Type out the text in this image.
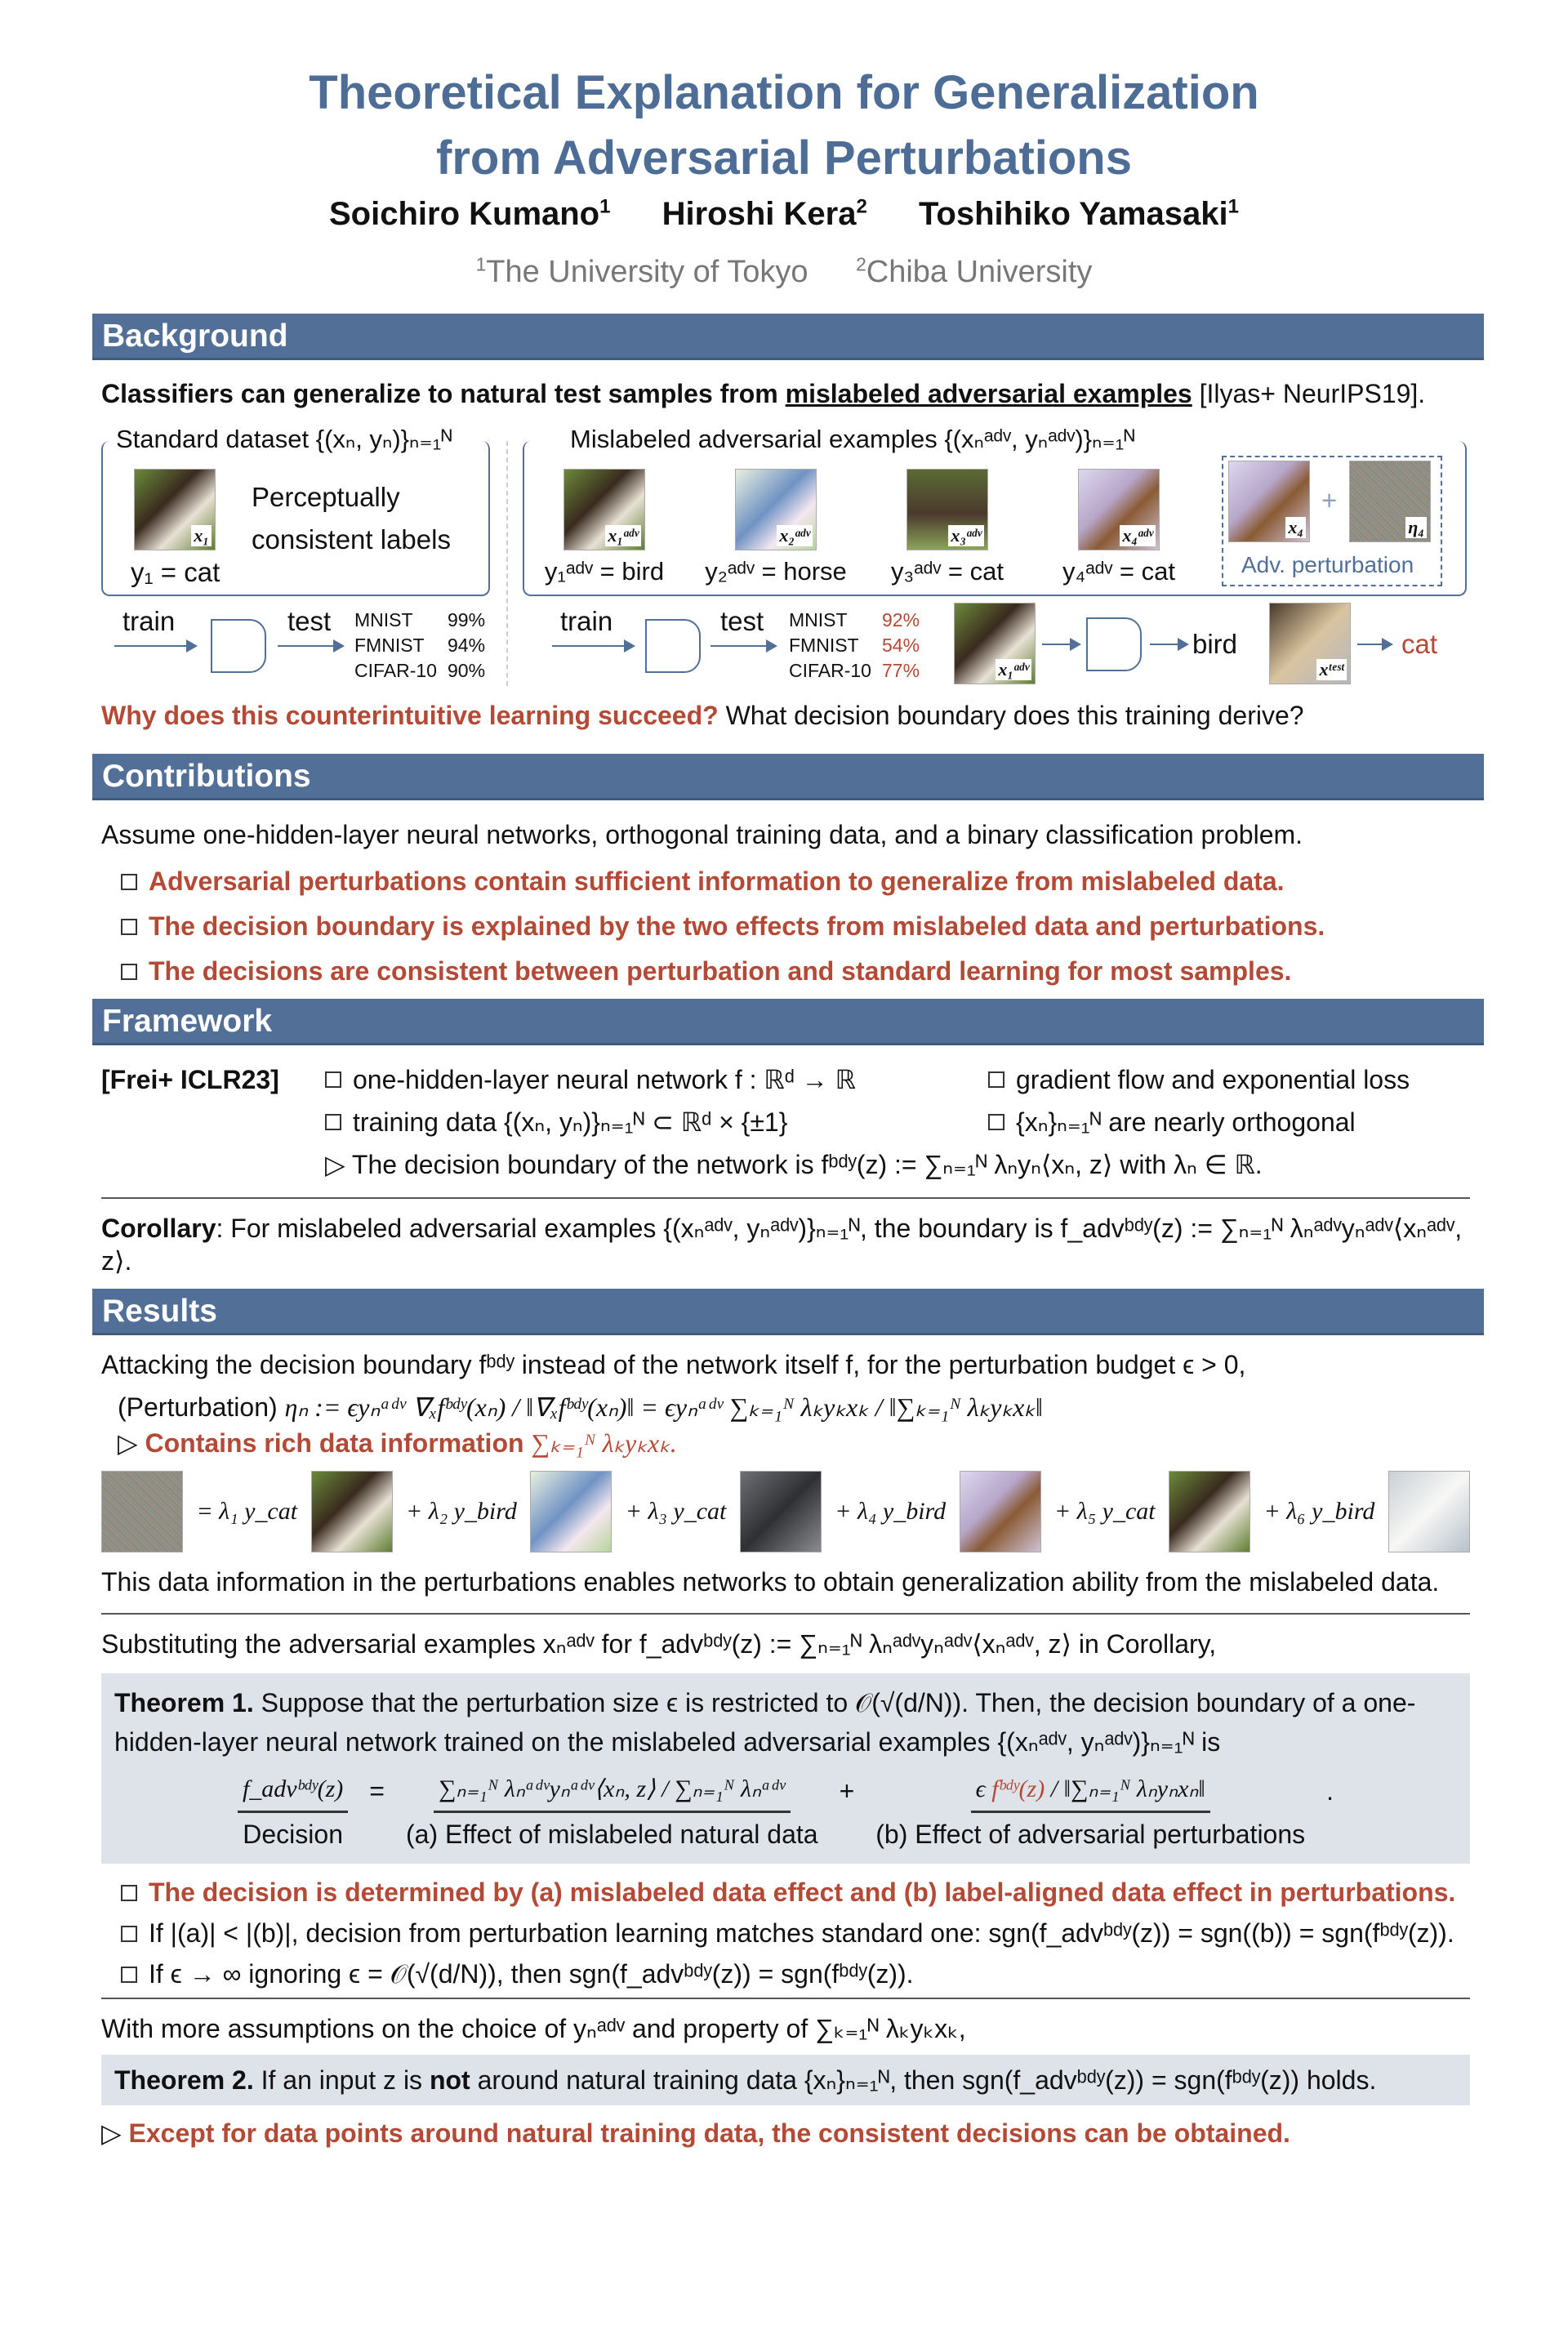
Theoretical Explanation for Generalization
from Adversarial Perturbations
Soichiro Kumano$^1$ Hiroshi Kera$^2$ Toshihiko Yamasaki$^1$
$^1$The University of Tokyo	$^2$Chiba University
Background
Classifiers can generalize to natural test samples from mislabeled adversarial examples [Ilyas+ NeurIPS19].
Standard dataset {(xₙ, yₙ)}ₙ₌₁ᴺ
x₁
Perceptually
consistent labels
y₁ = cat
Mislabeled adversarial examples {(xₙᵃᵈᵛ, yₙᵃᵈᵛ)}ₙ₌₁ᴺ
x₁ᵃᵈᵛ	x₂ᵃᵈᵛ	x₃ᵃᵈᵛ	x₄ᵃᵈᵛ
y₁ᵃᵈᵛ = bird	y₂ᵃᵈᵛ = horse	y₃ᵃᵈᵛ = cat	y₄ᵃᵈᵛ = cat
x₄
+
η₄
Adv. perturbation
train	test MNIST 99%
FMNIST 94%
CIFAR-10 90%
train	test MNIST 92%
FMNIST 54%
CIFAR-10 77%	x₁ᵃᵈᵛ
bird
xᵗᵉˢᵗ
cat
Why does this counterintuitive learning succeed? What decision boundary does this training derive?
Contributions
Assume one-hidden-layer neural networks, orthogonal training data, and a binary classification problem.
Adversarial perturbations contain sufficient information to generalize from mislabeled data.
The decision boundary is explained by the two effects from mislabeled data and perturbations.
The decisions are consistent between perturbation and standard learning for most samples.
Framework
[Frei+ ICLR23]	one-hidden-layer neural network f : ℝᵈ → ℝ	gradient flow and exponential loss
training data {(xₙ, yₙ)}ₙ₌₁ᴺ ⊂ ℝᵈ × {±1}	{xₙ}ₙ₌₁ᴺ are nearly orthogonal
▷ The decision boundary of the network is fᵇᵈʸ(z) := ∑ₙ₌₁ᴺ λₙyₙ⟨xₙ, z⟩ with λₙ ∈ ℝ.
Corollary: For mislabeled adversarial examples {(xₙᵃᵈᵛ, yₙᵃᵈᵛ)}ₙ₌₁ᴺ, the boundary is f_advᵇᵈʸ(z) := ∑ₙ₌₁ᴺ λₙᵃᵈᵛyₙᵃᵈᵛ⟨xₙᵃᵈᵛ, z⟩.
Results
Attacking the decision boundary fᵇᵈʸ instead of the network itself f, for the perturbation budget ϵ > 0,
(Perturbation) ηₙ := ϵyₙᵃᵈᵛ ∇ₓfᵇᵈʸ(xₙ) / ‖∇ₓfᵇᵈʸ(xₙ)‖ = ϵyₙᵃᵈᵛ ∑ₖ₌₁ᴺ λₖyₖxₖ / ‖∑ₖ₌₁ᴺ λₖyₖxₖ‖
▷ Contains rich data information ∑ₖ₌₁ᴺ λₖyₖxₖ.
= λ₁ y_cat	+ λ₂ y_bird	+ λ₃ y_cat	+ λ₄ y_bird	+ λ₅ y_cat	+ λ₆ y_bird
This data information in the perturbations enables networks to obtain generalization ability from the mislabeled data.
Substituting the adversarial examples xₙᵃᵈᵛ for f_advᵇᵈʸ(z) := ∑ₙ₌₁ᴺ λₙᵃᵈᵛyₙᵃᵈᵛ⟨xₙᵃᵈᵛ, z⟩ in Corollary,
Theorem 1. Suppose that the perturbation size ϵ is restricted to 𝒪(√(d/N)). Then, the decision boundary of a one-hidden-layer neural network trained on the mislabeled adversarial examples {(xₙᵃᵈᵛ, yₙᵃᵈᵛ)}ₙ₌₁ᴺ is
f_advᵇᵈʸ(z)
Decision
= ∑ₙ₌₁ᴺ λₙᵃᵈᵛyₙᵃᵈᵛ⟨xₙ, z⟩ / ∑ₙ₌₁ᴺ λₙᵃᵈᵛ
(a) Effect of mislabeled natural data
+	ϵ fᵇᵈʸ(z) / ‖∑ₙ₌₁ᴺ λₙyₙxₙ‖
(b) Effect of adversarial perturbations
.
The decision is determined by (a) mislabeled data effect and (b) label-aligned data effect in perturbations.
If |(a)| < |(b)|, decision from perturbation learning matches standard one: sgn(f_advᵇᵈʸ(z)) = sgn((b)) = sgn(fᵇᵈʸ(z)).
If ϵ → ∞ ignoring ϵ = 𝒪(√(d/N)), then sgn(f_advᵇᵈʸ(z)) = sgn(fᵇᵈʸ(z)).
With more assumptions on the choice of yₙᵃᵈᵛ and property of ∑ₖ₌₁ᴺ λₖyₖxₖ,
Theorem 2. If an input z is not around natural training data {xₙ}ₙ₌₁ᴺ, then sgn(f_advᵇᵈʸ(z)) = sgn(fᵇᵈʸ(z)) holds.
▷ Except for data points around natural training data, the consistent decisions can be obtained.
